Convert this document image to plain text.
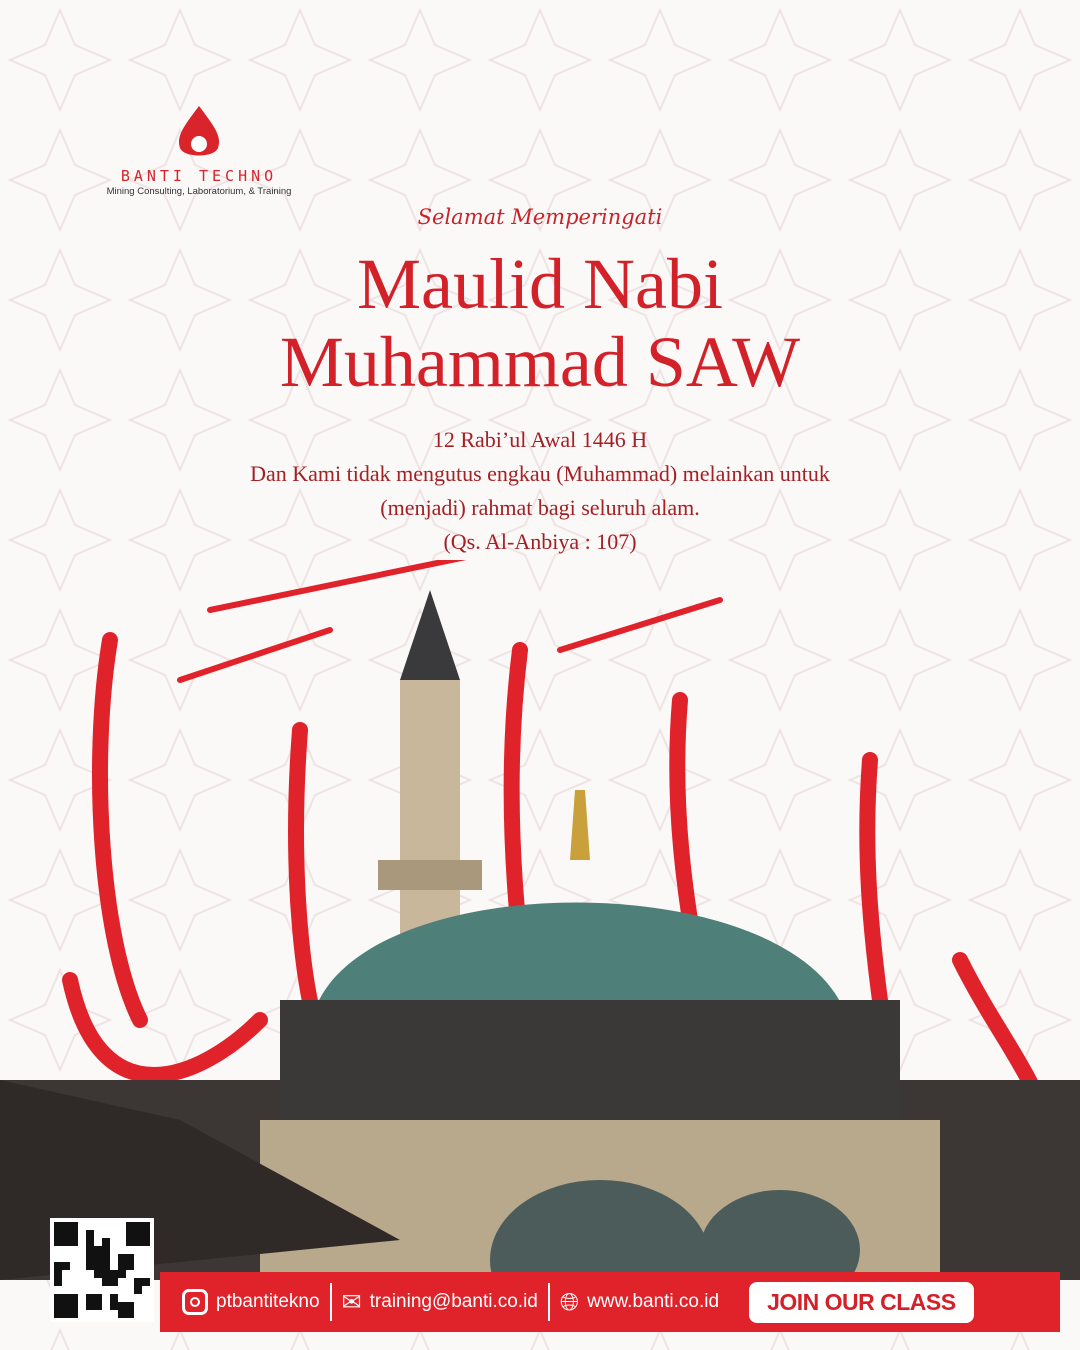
BANTI TECHNO
Mining Consulting, Laboratorium, & Training
Selamat Memperingati
Maulid Nabi
Muhammad SAW
12 Rabi’ul Awal 1446 H
Dan Kami tidak mengutus engkau (Muhammad) melainkan untuk
(menjadi) rahmat bagi seluruh alam.
(Qs. Al-Anbiya : 107)
ptbantitekno ✉ training@banti.co.id 🌐︎ www.banti.co.id	JOIN OUR CLASS
